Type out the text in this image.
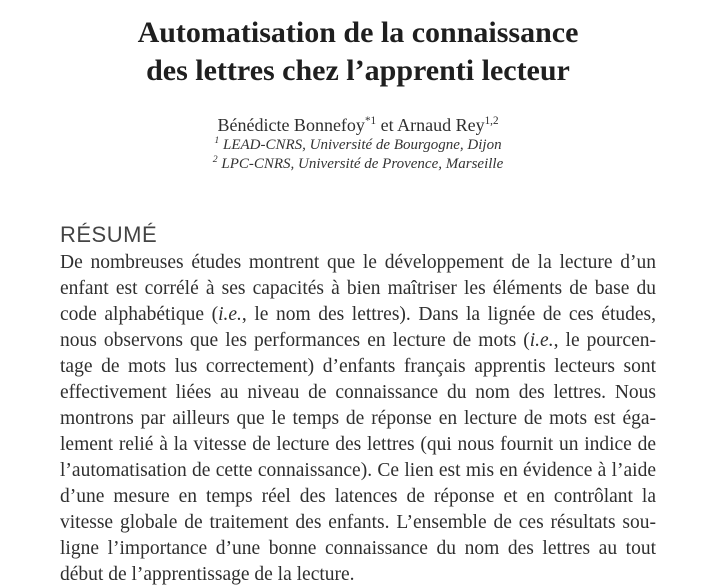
Automatisation de la connaissance
des lettres chez l’apprenti lecteur
Bénédicte Bonnefoy$^{*1}$ et Arnaud Rey$^{1,2}$
$^1$ LEAD-CNRS, Université de Bourgogne, Dijon
$^2$ LPC-CNRS, Université de Provence, Marseille
RÉSUMÉ
De nombreuses études montrent que le développement de la lecture d’un
enfant est corrélé à ses capacités à bien maîtriser les éléments de base du
code alphabétique (i.e., le nom des lettres). Dans la lignée de ces études,
nous observons que les performances en lecture de mots (i.e., le pourcen-
tage de mots lus correctement) d’enfants français apprentis lecteurs sont
effectivement liées au niveau de connaissance du nom des lettres. Nous
montrons par ailleurs que le temps de réponse en lecture de mots est éga-
lement relié à la vitesse de lecture des lettres (qui nous fournit un indice de
l’automatisation de cette connaissance). Ce lien est mis en évidence à l’aide
d’une mesure en temps réel des latences de réponse et en contrôlant la
vitesse globale de traitement des enfants. L’ensemble de ces résultats sou-
ligne l’importance d’une bonne connaissance du nom des lettres au tout
début de l’apprentissage de la lecture.
